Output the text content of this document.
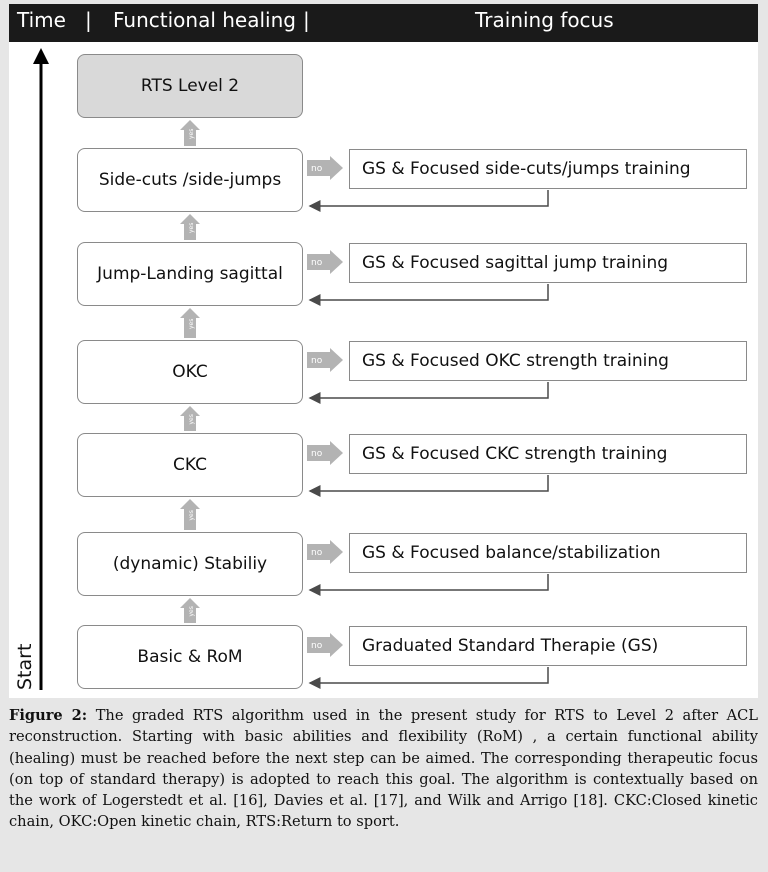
Time | Functional healing |	Training focus
no
yes
no
yes
no
yes
no
yes
no
yes
no
yes
Start
RTS Level 2
Side-cuts /side-jumps
GS & Focused side-cuts/jumps training
Jump-Landing sagittal
GS & Focused sagittal jump training
OKC
GS & Focused OKC strength training
CKC
GS & Focused CKC strength training
(dynamic) Stabiliy
GS & Focused balance/stabilization
Basic & RoM
Graduated Standard Therapie (GS)
Figure 2: The graded RTS algorithm used in the present study for RTS to Level 2 after ACL reconstruction. Starting with basic abilities and flexibility (RoM) , a certain functional ability (healing) must be reached before the next step can be aimed. The corresponding therapeutic focus (on top of standard therapy) is adopted to reach this goal. The algorithm is contextually based on the work of Logerstedt et al. [16], Davies et al. [17], and Wilk and Arrigo [18]. CKC:Closed kinetic chain, OKC:Open kinetic chain, RTS:Return to sport.
